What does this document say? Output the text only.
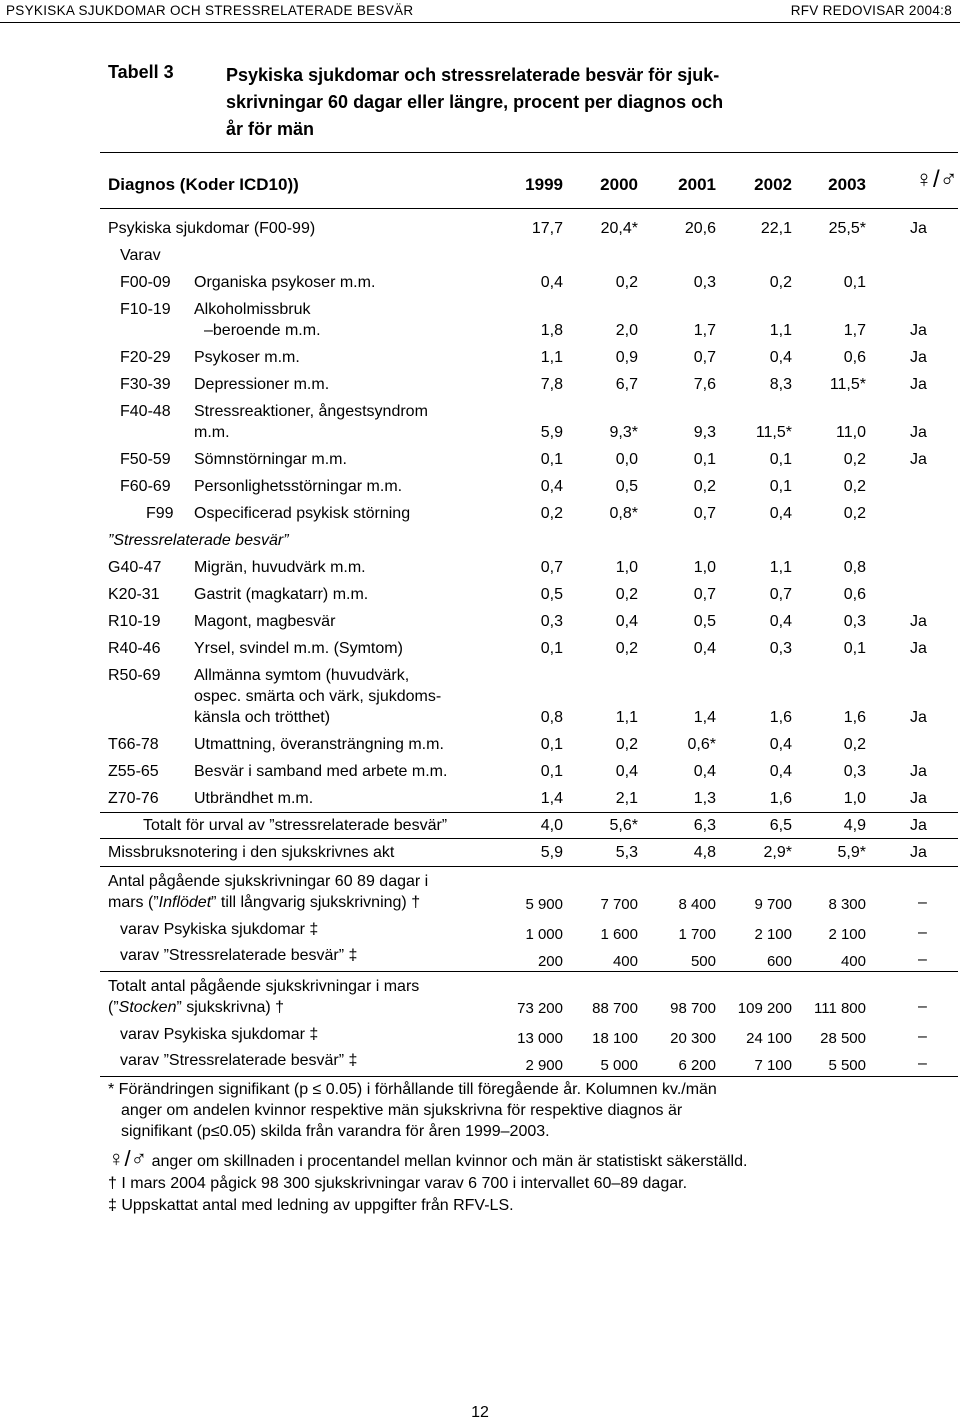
PSYKISKA SJUKDOMAR OCH STRESSRELATERADE BESVÄR	RFV REDOVISAR 2004:8
Tabell 3	Psykiska sjukdomar och stressrelaterade besvär för sjuk-
skrivningar 60 dagar eller längre, procent per diagnos och
år för män
Diagnos (Koder ICD10))	1999	2000	2001	2002	2003 ♀/♂
Psykiska sjukdomar (F00-99)	17,7	20,4*	20,6	22,1	25,5*	Ja
Varav
F00-09 Organiska psykoser m.m.	0,4	0,2	0,3	0,2	0,1
F10-19 Alkoholmissbruk
–beroende m.m.	1,8	2,0	1,7	1,1	1,7	Ja
F20-29 Psykoser m.m.	1,1	0,9	0,7	0,4	0,6	Ja
F30-39 Depressioner m.m.	7,8	6,7	7,6	8,3	11,5*	Ja
F40-48 Stressreaktioner, ångestsyndrom
m.m.	5,9	9,3*	9,3	11,5*	11,0	Ja
F50-59 Sömnstörningar m.m.	0,1	0,0	0,1	0,1	0,2	Ja
F60-69 Personlighetsstörningar m.m.	0,4	0,5	0,2	0,1	0,2
F99 Ospecificerad psykisk störning	0,2	0,8*	0,7	0,4	0,2
”Stressrelaterade besvär”
G40-47 Migrän, huvudvärk m.m.	0,7	1,0	1,0	1,1	0,8
K20-31 Gastrit (magkatarr) m.m.	0,5	0,2	0,7	0,7	0,6
R10-19 Magont, magbesvär	0,3	0,4	0,5	0,4	0,3	Ja
R40-46 Yrsel, svindel m.m. (Symtom)	0,1	0,2	0,4	0,3	0,1	Ja
R50-69 Allmänna symtom (huvudvärk,
ospec. smärta och värk, sjukdoms-
känsla och trötthet)	0,8	1,1	1,4	1,6	1,6	Ja
T66-78 Utmattning, överansträngning m.m.	0,1	0,2	0,6*	0,4	0,2
Z55-65 Besvär i samband med arbete m.m.	0,1	0,4	0,4	0,4	0,3	Ja
Z70-76 Utbrändhet m.m.	1,4	2,1	1,3	1,6	1,0	Ja
Totalt för urval av ”stressrelaterade besvär”	4,0	5,6*	6,3	6,5	4,9	Ja
Missbruksnotering i den sjukskrivnes akt	5,9	5,3	4,8	2,9*	5,9*	Ja
Antal pågående sjukskrivningar 60 89 dagar i
mars (”Inflödet” till långvarig sjukskrivning) †	5 900	7 700	8 400	9 700	8 300	–
varav Psykiska sjukdomar ‡	1 000	1 600	1 700	2 100	2 100	–
varav ”Stressrelaterade besvär” ‡	200	400	500	600	400	–
Totalt antal pågående sjukskrivningar i mars
(”Stocken” sjukskrivna) †	73 200	88 700	98 700	109 200	111 800	–
varav Psykiska sjukdomar ‡	13 000	18 100	20 300	24 100	28 500	–
varav ”Stressrelaterade besvär” ‡	2 900	5 000	6 200	7 100	5 500	–
* Förändringen signifikant (p ≤ 0.05) i förhållande till föregående år. Kolumnen kv./män
anger om andelen kvinnor respektive män sjukskrivna för respektive diagnos är
signifikant (p≤0.05) skilda från varandra för åren 1999–2003.
♀/♂ anger om skillnaden i procentandel mellan kvinnor och män är statistiskt säkerställd.
† I mars 2004 pågick 98 300 sjukskrivningar varav 6 700 i intervallet 60–89 dagar.
‡ Uppskattat antal med ledning av uppgifter från RFV-LS.
12
